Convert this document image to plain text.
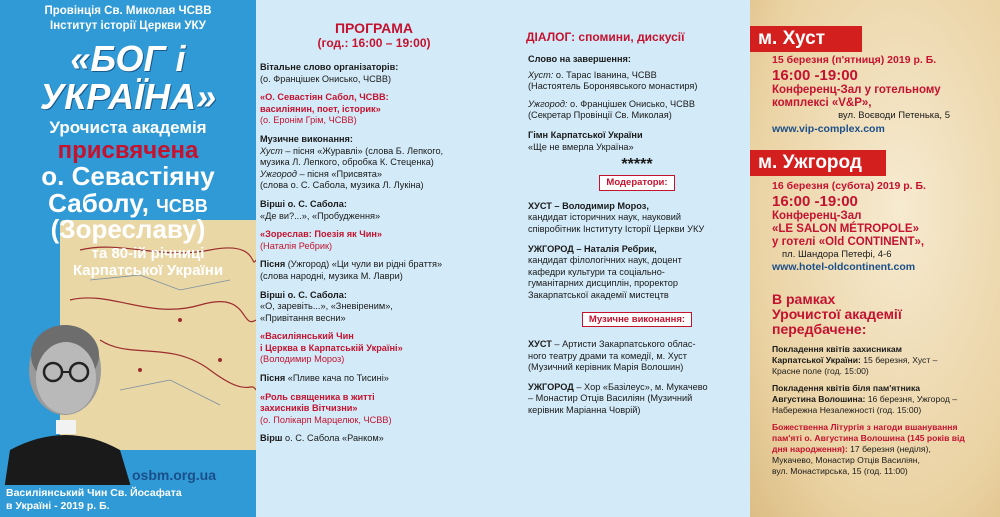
Провінція Св. Миколая ЧСВВ
Інститут історії Церкви УКУ
«БОГ і
УКРАЇНА»
Урочиста академія
присвячена
о. Севастіяну
Саболу, ЧСВВ
(Зореславу)
та 80-ій річниці
Карпатської України
osbm.org.ua
Василіянський Чин Св. Йосафата
в Україні - 2019 р. Б.
ПРОГРАМА
(год.: 16:00 – 19:00)
Вітальне слово організаторів:
(о. Францішек Онисько, ЧСВВ)
«О. Севастіян Сабол, ЧСВВ:
василіянин, поет, історик»
(о. Еронім Грім, ЧСВВ)
Музичне виконання:
Хуст – пісня «Журавлі» (слова Б. Лепкого,
музика Л. Лепкого, обробка К. Стеценка)
Ужгород – пісня «Присвята»
(слова о. С. Сабола, музика Л. Лукіна)
Вірші о. С. Сабола:
«Де ви?...», «Пробудження»
«Зореслав: Поезія як Чин»
(Наталія Ребрик)
Пісня (Ужгород) «Ци чули ви рідні браття»
(слова народні, музика М. Лаври)
Вірші о. С. Сабола:
«О, заревіть...», «Зневіреним»,
«Привітання весни»
«Василіянський Чин
і Церква в Карпатській Україні»
(Володимир Мороз)
Пісня «Пливе кача по Тисині»
«Роль священика в житті
захисників Вітчизни»
(о. Полікарп Марцелюк, ЧСВВ)
Вірш о. С. Сабола «Ранком»
ДІАЛОГ: спомини, дискусії
Слово на завершення:
Хуст: о. Тарас Іванина, ЧСВВ
(Настоятель Боронявського монастиря)
Ужгород: о. Францішек Онисько, ЧСВВ
(Секретар Провінції Св. Миколая)
Гімн Карпатської України
«Ще не вмерла Україна»
*****
Модератори:
ХУСТ – Володимир Мороз,
кандидат історичних наук, науковий
співробітник Інституту Історії Церкви УКУ
УЖГОРОД – Наталія Ребрик,
кандидат філологічних наук, доцент
кафедри культури та соціально-
гуманітарних дисциплін, проректор
Закарпатської академії мистецтв
Музичне виконання:
ХУСТ – Артисти Закарпатського облас-
ного театру драми та комедії, м. Хуст
(Музичний керівник Марія Волошин)
УЖГОРОД – Хор «Базілеус», м. Мукачево
– Монастир Отців Василіян (Музичний
керівник Маріанна Човрій)
м. Хуст
15 березня (п'ятниця) 2019 р. Б.
16:00 -19:00
Конференц-Зал у готельному
комплексі «V&P»,
вул. Воєводи Петенька, 5
www.vip-complex.com
м. Ужгород
16 березня (субота) 2019 р. Б.
16:00 -19:00
Конференц-Зал
«LE SALON MÉTROPOLE»
у готелі «Old CONTINENT»,
пл. Шандора Петефі, 4-6
www.hotel-oldcontinent.com
В рамках
Урочистої академії
передбачене:
Покладення квітів захисникам
Карпатської України: 15 березня, Хуст –
Красне поле (год. 15:00)
Покладення квітів біля пам'ятника
Августина Волошина: 16 березня, Ужгород –
Набережна Незалежності (год. 15:00)
Божественна Літургія з нагоди вшанування
пам'яті о. Августина Волошина (145 років від
дня народження): 17 березня (неділя),
Мукачево, Монастир Отців Василіян,
вул. Монастирська, 15 (год. 11:00)
